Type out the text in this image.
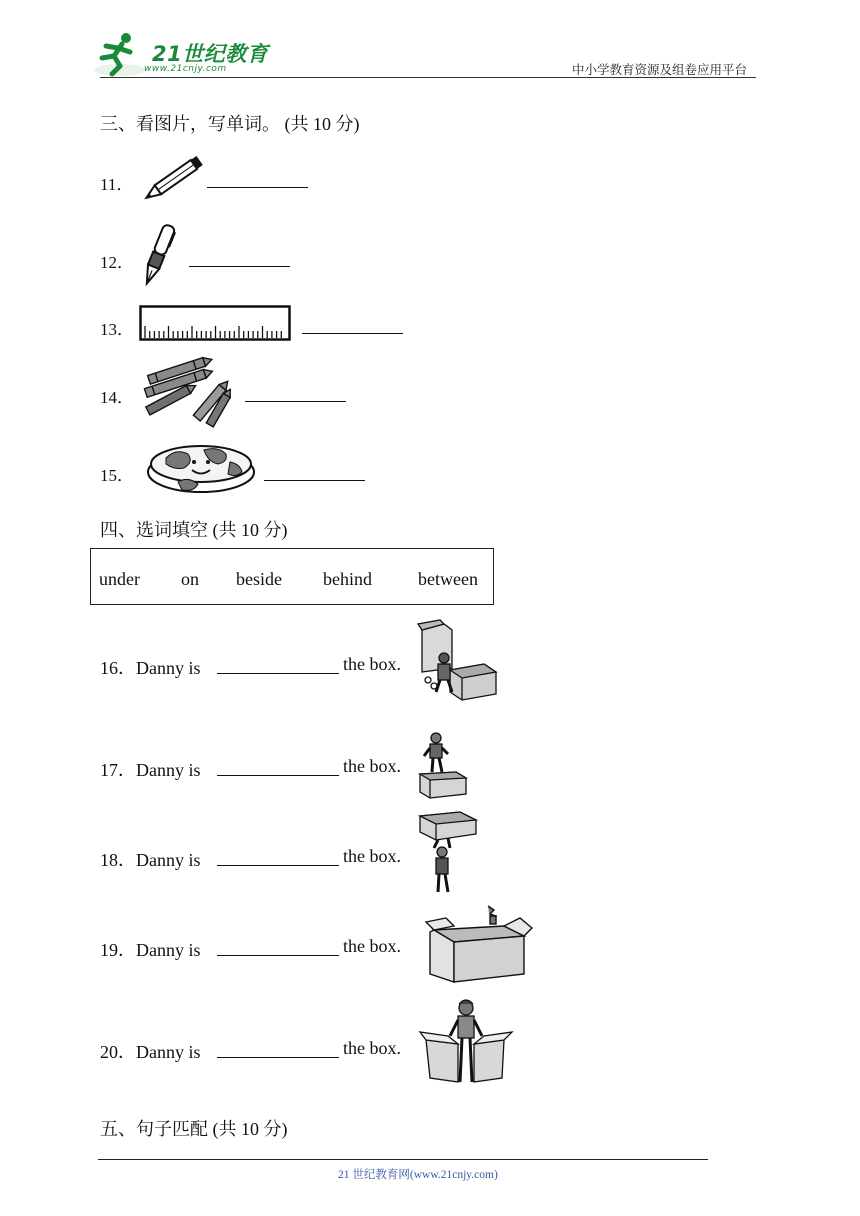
21世纪教育
www.21cnjy.com	中小学教育资源及组卷应用平台
三、看图片，写单词。 (共 10 分)
11．
12．
13．
14．
15．
四、选词填空 (共 10 分)
under on beside behind	between
16．Danny is	the box.
17．Danny is	the box.
18．Danny is	the box.
19．Danny is	the box.
20．Danny is	the box.
五、句子匹配 (共 10 分)
21 世纪教育网(www.21cnjy.com)
